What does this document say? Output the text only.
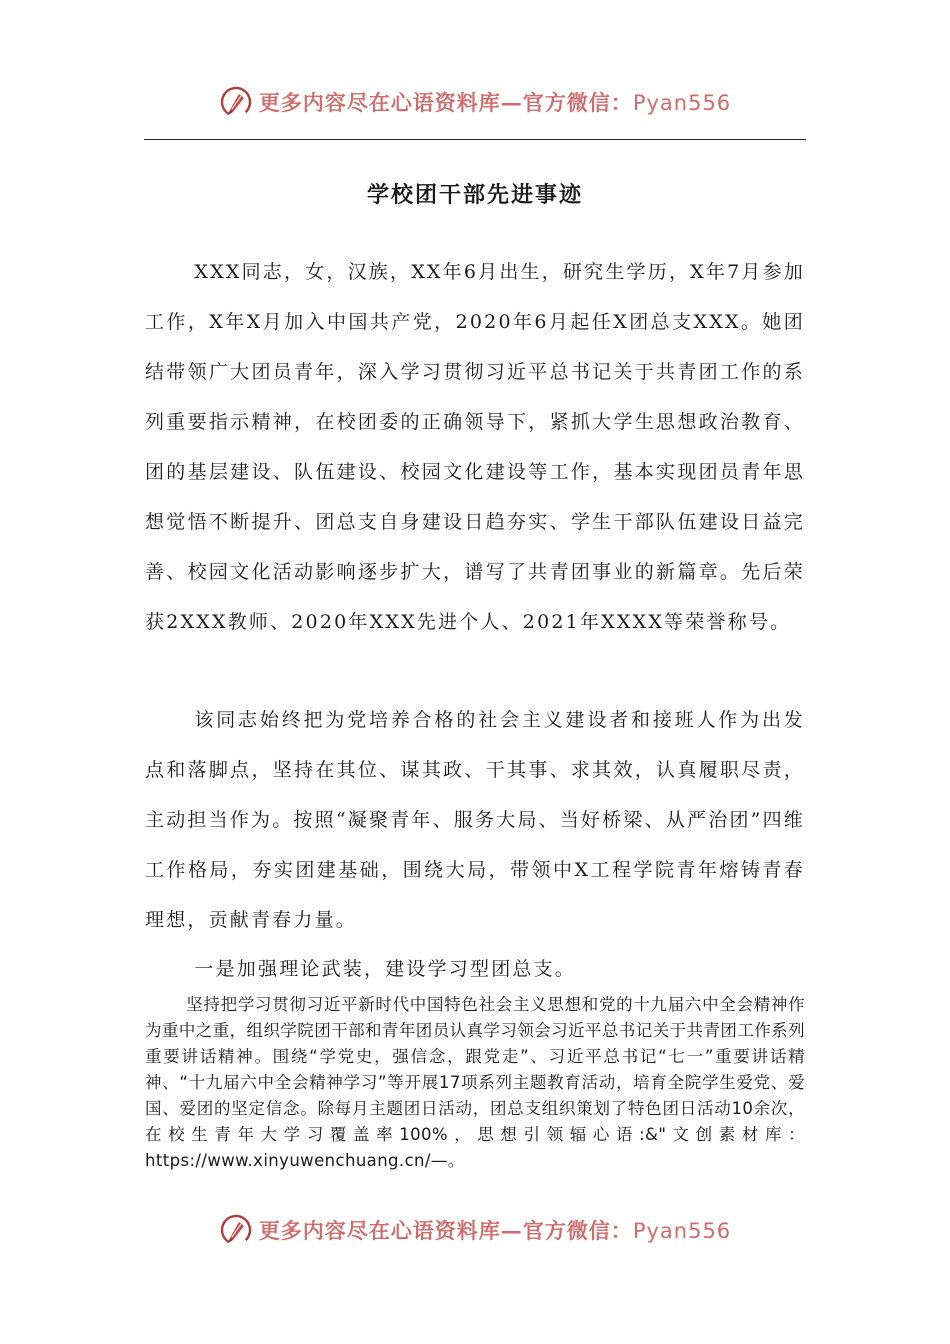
更多内容尽在心语资料库—官方微信：Pyan556
学校团干部先进事迹

XXX同志，女，汉族，XX年6月出生，研究生学历，X年7月参加工作，X年X月加入中国共产党，2020年6月起任X团总支XXX。她团结带领广大团员青年，深入学习贯彻习近平总书记关于共青团工作的系列重要指示精神，在校团委的正确领导下，紧抓大学生思想政治教育、团的基层建设、队伍建设、校园文化建设等工作，基本实现团员青年思想觉悟不断提升、团总支自身建设日趋夯实、学生干部队伍建设日益完善、校园文化活动影响逐步扩大，谱写了共青团事业的新篇章。先后荣获2XXX教师、2020年XXX先进个人、2021年XXXX等荣誉称号。

该同志始终把为党培养合格的社会主义建设者和接班人作为出发点和落脚点，坚持在其位、谋其政、干其事、求其效，认真履职尽责，主动担当作为。按照“凝聚青年、服务大局、当好桥梁、从严治团”四维工作格局，夯实团建基础，围绕大局，带领中X工程学院青年熔铸青春理想，贡献青春力量。

一是加强理论武装，建设学习型团总支。

坚持把学习贯彻习近平新时代中国特色社会主义思想和党的十九届六中全会精神作为重中之重，组织学院团干部和青年团员认真学习领会习近平总书记关于共青团工作系列重要讲话精神。围绕“学党史，强信念，跟党走”、习近平总书记“七一”重要讲话精神、“十九届六中全会精神学习”等开展17项系列主题教育活动，培育全院学生爱党、爱国、爱团的坚定信念。除每月主题团日活动，团总支组织策划了特色团日活动10余次，在校生青年大学习覆盖率100%，思想引领辐心语:&"文创素材库：https://www.xinyuwenchuang.cn/—。

更多内容尽在心语资料库—官方微信：Pyan556
